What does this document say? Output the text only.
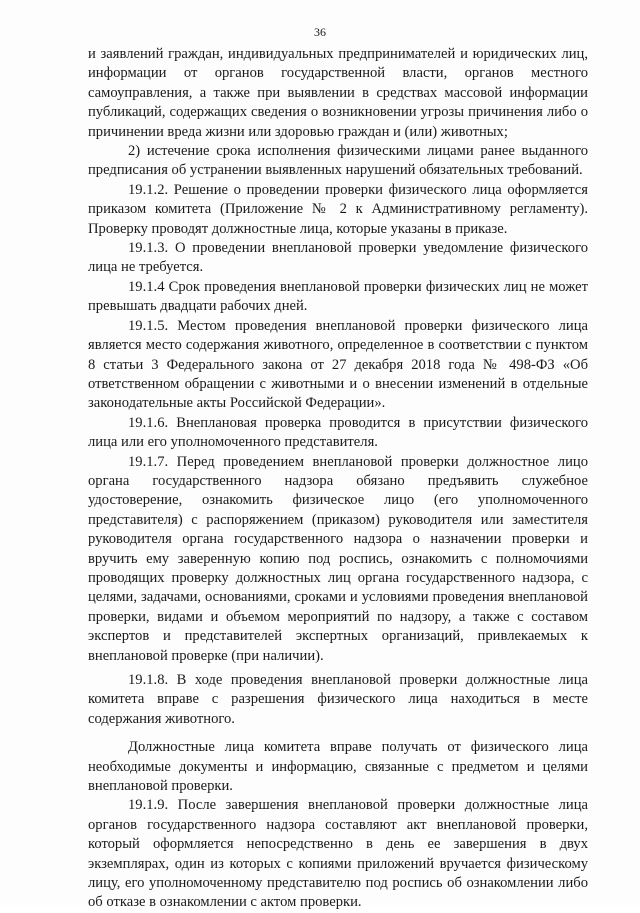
36

и заявлений граждан, индивидуальных предпринимателей и юридических лиц, информации от органов государственной власти, органов местного самоуправления, а также при выявлении в средствах массовой информации публикаций, содержащих сведения о возникновении угрозы причинения либо о причинении вреда жизни или здоровью граждан и (или) животных;

2) истечение срока исполнения физическими лицами ранее выданного предписания об устранении выявленных нарушений обязательных требований.

19.1.2. Решение о проведении проверки физического лица оформляется приказом комитета (Приложение № 2 к Административному регламенту). Проверку проводят должностные лица, которые указаны в приказе.

19.1.3. О проведении внеплановой проверки уведомление физического лица не требуется.

19.1.4 Срок проведения внеплановой проверки физических лиц не может превышать двадцати рабочих дней.

19.1.5. Местом проведения внеплановой проверки физического лица является место содержания животного, определенное в соответствии с пунктом 8 статьи 3 Федерального закона от 27 декабря 2018 года № 498-ФЗ «Об ответственном обращении с животными и о внесении изменений в отдельные законодательные акты Российской Федерации».

19.1.6. Внеплановая проверка проводится в присутствии физического лица или его уполномоченного представителя.

19.1.7. Перед проведением внеплановой проверки должностное лицо органа государственного надзора обязано предъявить служебное удостоверение, ознакомить физическое лицо (его уполномоченного представителя) с распоряжением (приказом) руководителя или заместителя руководителя органа государственного надзора о назначении проверки и вручить ему заверенную копию под роспись, ознакомить с полномочиями проводящих проверку должностных лиц органа государственного надзора, с целями, задачами, основаниями, сроками и условиями проведения внеплановой проверки, видами и объемом мероприятий по надзору, а также с составом экспертов и представителей экспертных организаций, привлекаемых к внеплановой проверке (при наличии).

19.1.8. В ходе проведения внеплановой проверки должностные лица комитета вправе с разрешения физического лица находиться в месте содержания животного.

Должностные лица комитета вправе получать от физического лица необходимые документы и информацию, связанные с предметом и целями внеплановой проверки.

19.1.9. После завершения внеплановой проверки должностные лица органов государственного надзора составляют акт внеплановой проверки, который оформляется непосредственно в день ее завершения в двух экземплярах, один из которых с копиями приложений вручается физическому лицу, его уполномоченному представителю под роспись об ознакомлении либо об отказе в ознакомлении с актом проверки.
